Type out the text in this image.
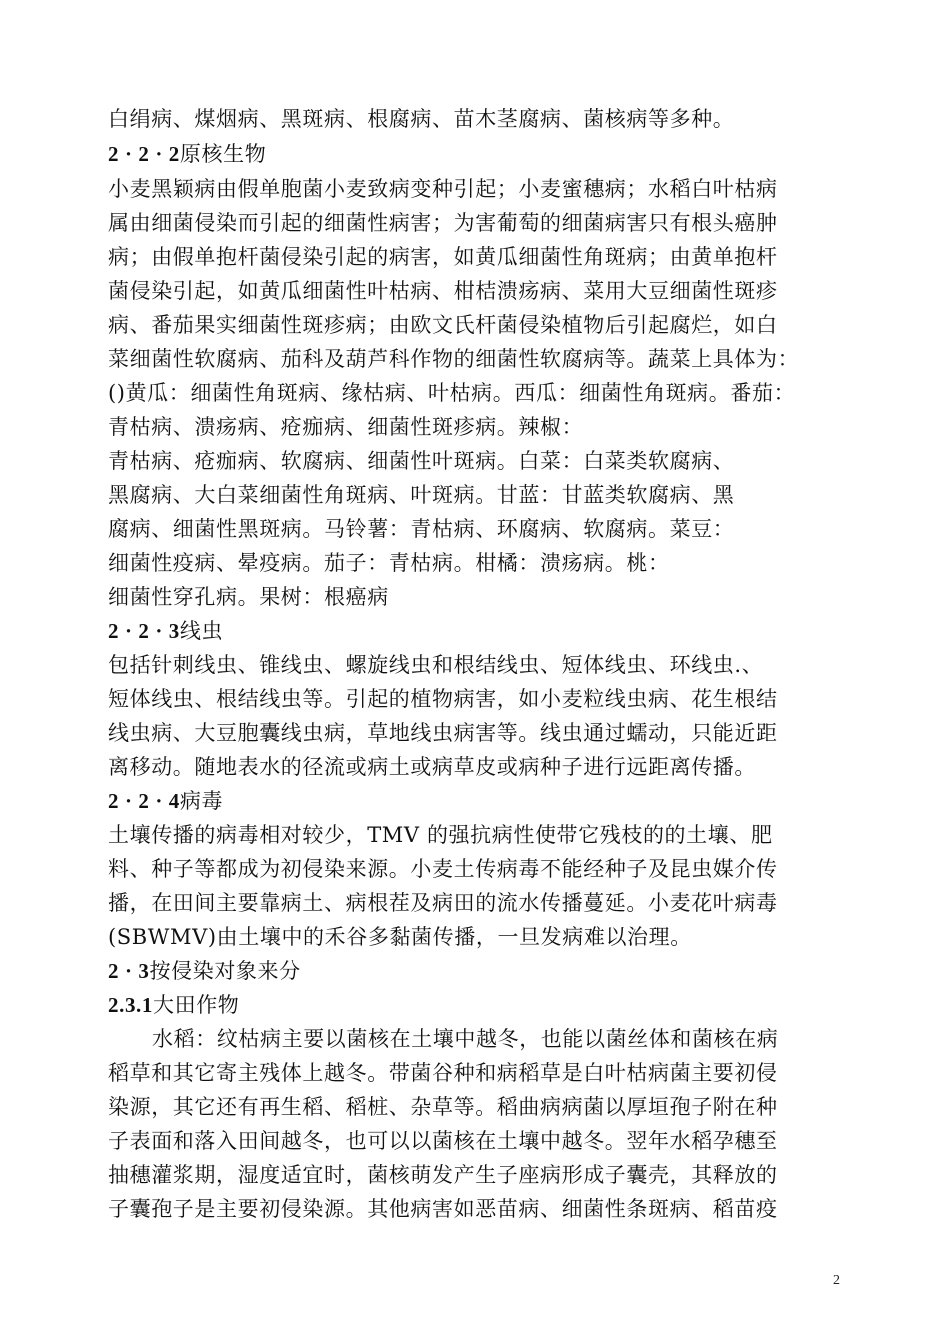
白绢病、煤烟病、黑斑病、根腐病、苗木茎腐病、菌核病等多种。
2 · 2 · 2原核生物
小麦黑颖病由假单胞菌小麦致病变种引起；小麦蜜穗病；水稻白叶枯病
属由细菌侵染而引起的细菌性病害；为害葡萄的细菌病害只有根头癌肿
病；由假单抱杆菌侵染引起的病害，如黄瓜细菌性角斑病；由黄单抱杆
菌侵染引起，如黄瓜细菌性叶枯病、柑桔溃疡病、菜用大豆细菌性斑疹
病、番茄果实细菌性斑疹病；由欧文氏杆菌侵染植物后引起腐烂，如白
菜细菌性软腐病、茄科及葫芦科作物的细菌性软腐病等。蔬菜上具体为：
()黄瓜：细菌性角斑病、缘枯病、叶枯病。西瓜：细菌性角斑病。番茄：
青枯病、溃疡病、疮痂病、细菌性斑疹病。辣椒：
青枯病、疮痂病、软腐病、细菌性叶斑病。白菜：白菜类软腐病、
黑腐病、大白菜细菌性角斑病、叶斑病。甘蓝：甘蓝类软腐病、黑
腐病、细菌性黑斑病。马铃薯：青枯病、环腐病、软腐病。菜豆：
细菌性疫病、晕疫病。茄子：青枯病。柑橘：溃疡病。桃：
细菌性穿孔病。果树：根癌病
2 · 2 · 3线虫
包括针刺线虫、锥线虫、螺旋线虫和根结线虫、短体线虫、环线虫.、
短体线虫、根结线虫等。引起的植物病害，如小麦粒线虫病、花生根结
线虫病、大豆胞囊线虫病，草地线虫病害等。线虫通过蠕动，只能近距
离移动。随地表水的径流或病土或病草皮或病种子进行远距离传播。
2 · 2 · 4病毒
土壤传播的病毒相对较少，TMV 的强抗病性使带它残枝的的土壤、肥
料、种子等都成为初侵染来源。小麦土传病毒不能经种子及昆虫媒介传
播，在田间主要靠病土、病根茬及病田的流水传播蔓延。小麦花叶病毒
(SBWMV)由土壤中的禾谷多黏菌传播，一旦发病难以治理。
2 · 3按侵染对象来分
2.3.1大田作物
水稻：纹枯病主要以菌核在土壤中越冬，也能以菌丝体和菌核在病
稻草和其它寄主残体上越冬。带菌谷种和病稻草是白叶枯病菌主要初侵
染源，其它还有再生稻、稻桩、杂草等。稻曲病病菌以厚垣孢子附在种
子表面和落入田间越冬，也可以以菌核在土壤中越冬。翌年水稻孕穗至
抽穗灌浆期，湿度适宜时，菌核萌发产生子座病形成子囊壳，其释放的
子囊孢子是主要初侵染源。其他病害如恶苗病、细菌性条斑病、稻苗疫
2
